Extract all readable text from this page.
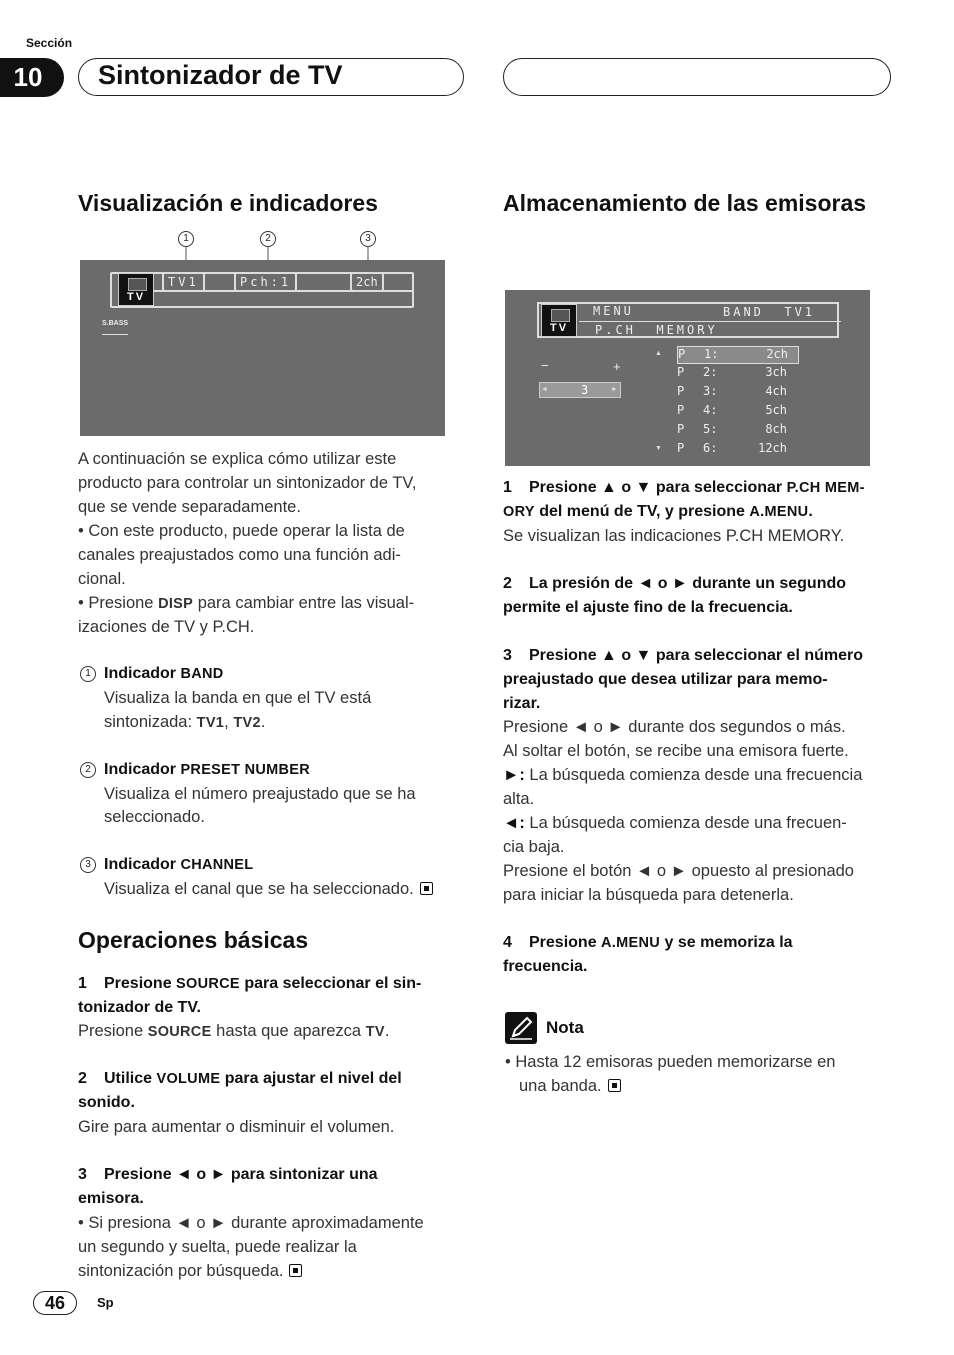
Sección
10	Sintonizador de TV
Visualización e indicadores
1	2	3
TV
TV1	Pch:1	2ch
S.BASS

A continuación se explica cómo utilizar este

producto para controlar un sintonizador de TV,

que se vende separadamente.

• Con este producto, puede operar la lista de

canales preajustados como una función adi-

cional.

• Presione DISP para cambiar entre las visual-

izaciones de TV y P.CH.

1 Indicador BAND
Visualiza la banda en que el TV está
sintonizada: TV1, TV2.
2 Indicador PRESET NUMBER
Visualiza el número preajustado que se ha
seleccionado.
3 Indicador CHANNEL
Visualiza el canal que se ha seleccionado.
Operaciones básicas

1 Presione SOURCE para seleccionar el sin-

tonizador de TV.

Presione SOURCE hasta que aparezca TV.

2 Utilice VOLUME para ajustar el nivel del

sonido.

Gire para aumentar o disminuir el volumen.

3 Presione ◄ o ► para sintonizar una

emisora.

• Si presiona ◄ o ► durante aproximadamente

un segundo y suelta, puede realizar la

sintonización por búsqueda.

Almacenamiento de las emisoras
TV
MENU	BAND  TV1
P.CH  MEMORY
▲
▼
P 1:	2ch
P 2:	3ch
P 3:	4ch
P 4:	5ch
P 5:	8ch
P 6:	12ch
−	+
◄	►
3

1 Presione ▲ o ▼ para seleccionar P.CH MEM-

ORY del menú de TV, y presione A.MENU.

Se visualizan las indicaciones P.CH MEMORY.

2 La presión de ◄ o ► durante un segundo

permite el ajuste fino de la frecuencia.

3 Presione ▲ o ▼ para seleccionar el número

preajustado que desea utilizar para memo-

rizar.

Presione ◄ o ► durante dos segundos o más.

Al soltar el botón, se recibe una emisora fuerte.

►: La búsqueda comienza desde una frecuencia

alta.

◄: La búsqueda comienza desde una frecuen-

cia baja.

Presione el botón ◄ o ► opuesto al presionado

para iniciar la búsqueda para detenerla.

4 Presione A.MENU y se memoriza la

frecuencia.

Nota

• Hasta 12 emisoras pueden memorizarse en

una banda.

46	Sp
